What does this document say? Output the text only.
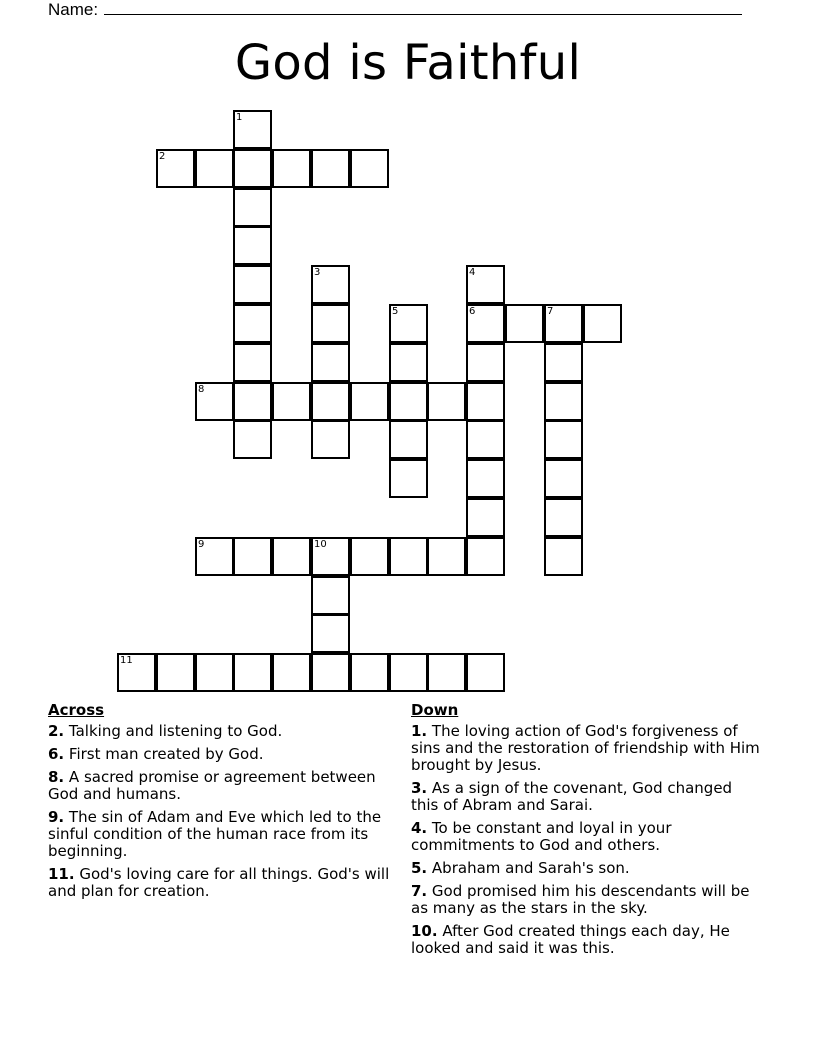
Name:
God is Faithful
1
2
3	4
5	6	7
8
9	10
11
Across
2. Talking and listening to God.
6. First man created by God.
8. A sacred promise or agreement between God and humans.
9. The sin of Adam and Eve which led to the sinful condition of the human race from its beginning.
11. God's loving care for all things. God's will and plan for creation.
Down
1. The loving action of God's forgiveness of sins and the restoration of friendship with Him brought by Jesus.
3. As a sign of the covenant, God changed this of Abram and Sarai.
4. To be constant and loyal in your commitments to God and others.
5. Abraham and Sarah's son.
7. God promised him his descendants will be as many as the stars in the sky.
10. After God created things each day, He looked and said it was this.
